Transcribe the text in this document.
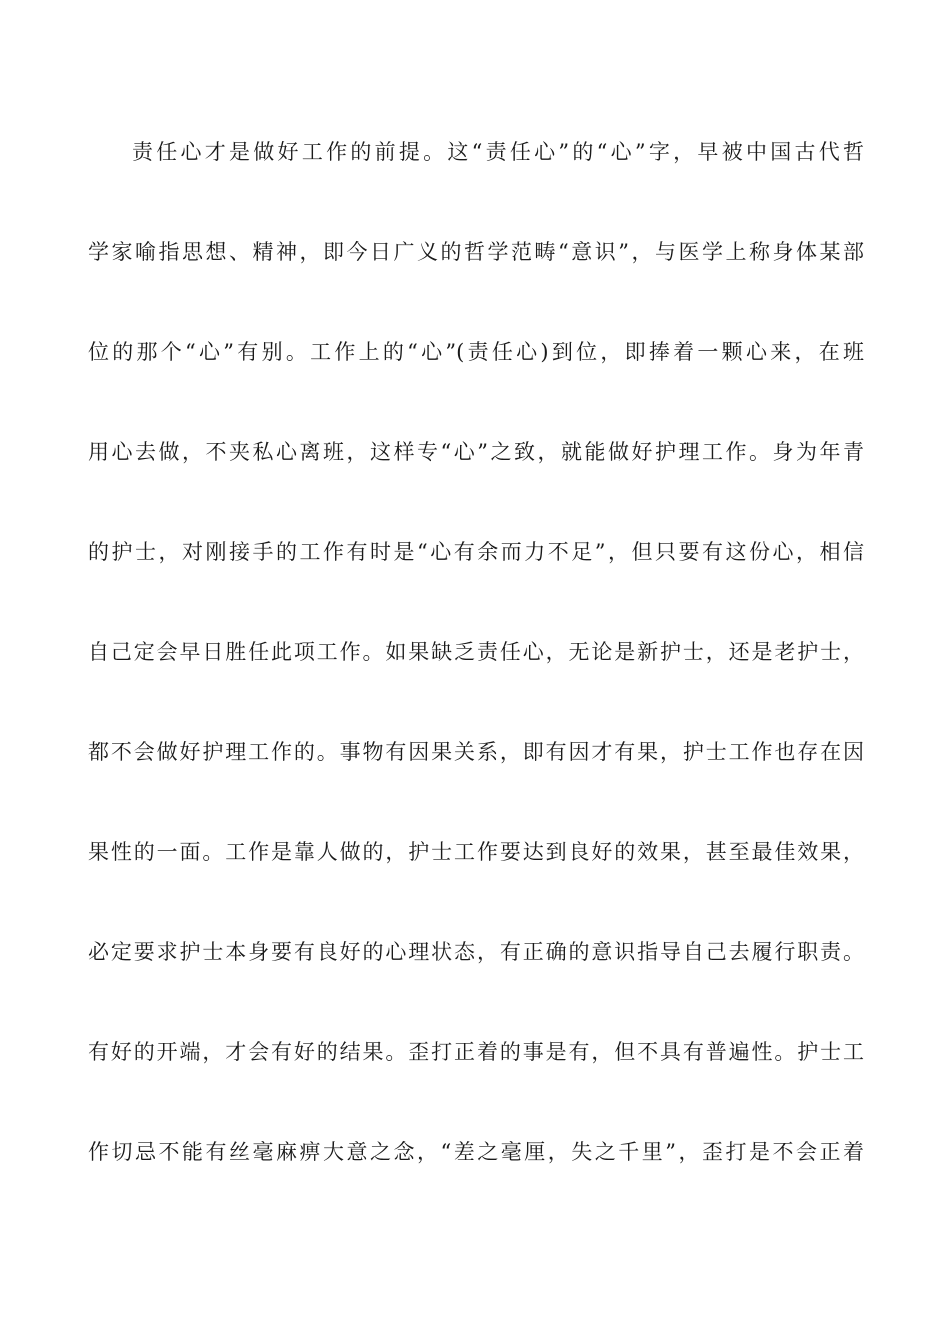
责任心才是做好工作的前提。这“责任心”的“心”字，早被中国古代哲
学家喻指思想、精神，即今日广义的哲学范畴“意识”，与医学上称身体某部
位的那个“心”有别。工作上的“心”(责任心)到位，即捧着一颗心来，在班
用心去做，不夹私心离班，这样专“心”之致，就能做好护理工作。身为年青
的护士，对刚接手的工作有时是“心有余而力不足”，但只要有这份心，相信
自己定会早日胜任此项工作。如果缺乏责任心，无论是新护士，还是老护士，
都不会做好护理工作的。事物有因果关系，即有因才有果，护士工作也存在因
果性的一面。工作是靠人做的，护士工作要达到良好的效果，甚至最佳效果，
必定要求护士本身要有良好的心理状态，有正确的意识指导自己去履行职责。
有好的开端，才会有好的结果。歪打正着的事是有，但不具有普遍性。护士工
作切忌不能有丝毫麻痹大意之念，“差之毫厘，失之千里”，歪打是不会正着
